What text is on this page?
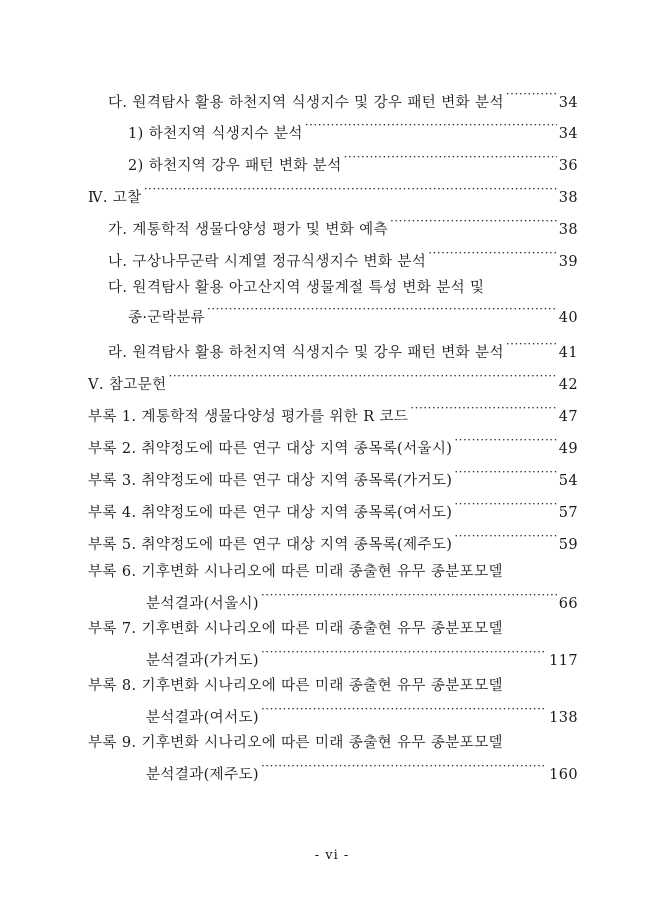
다. 원격탐사 활용 하천지역 식생지수 및 강우 패턴 변화 분석 ·····	34
1) 하천지역 식생지수 분석 ·····	34
2) 하천지역 강우 패턴 변화 분석 ·····	36
Ⅳ. 고찰 ·····	38
가. 계통학적 생물다양성 평가 및 변화 예측 ·····	38
나. 구상나무군락 시계열 정규식생지수 변화 분석 ·····	39
다. 원격탐사 활용 아고산지역 생물계절 특성 변화 분석 및
종·군락분류 ·····	40
라. 원격탐사 활용 하천지역 식생지수 및 강우 패턴 변화 분석 ·····	41
Ⅴ. 참고문헌 ·····	42
부록 1. 계통학적 생물다양성 평가를 위한 R 코드 ·····	47
부록 2. 취약정도에 따른 연구 대상 지역 종목록(서울시) ·····	49
부록 3. 취약정도에 따른 연구 대상 지역 종목록(가거도) ·····	54
부록 4. 취약정도에 따른 연구 대상 지역 종목록(여서도) ·····	57
부록 5. 취약정도에 따른 연구 대상 지역 종목록(제주도) ·····	59
부록 6. 기후변화 시나리오에 따른 미래 종출현 유무 종분포모델
분석결과(서울시) ·····	66
부록 7. 기후변화 시나리오에 따른 미래 종출현 유무 종분포모델
분석결과(가거도) ·····	117
부록 8. 기후변화 시나리오에 따른 미래 종출현 유무 종분포모델
분석결과(여서도) ·····	138
부록 9. 기후변화 시나리오에 따른 미래 종출현 유무 종분포모델
분석결과(제주도) ·····	160
- vi -
